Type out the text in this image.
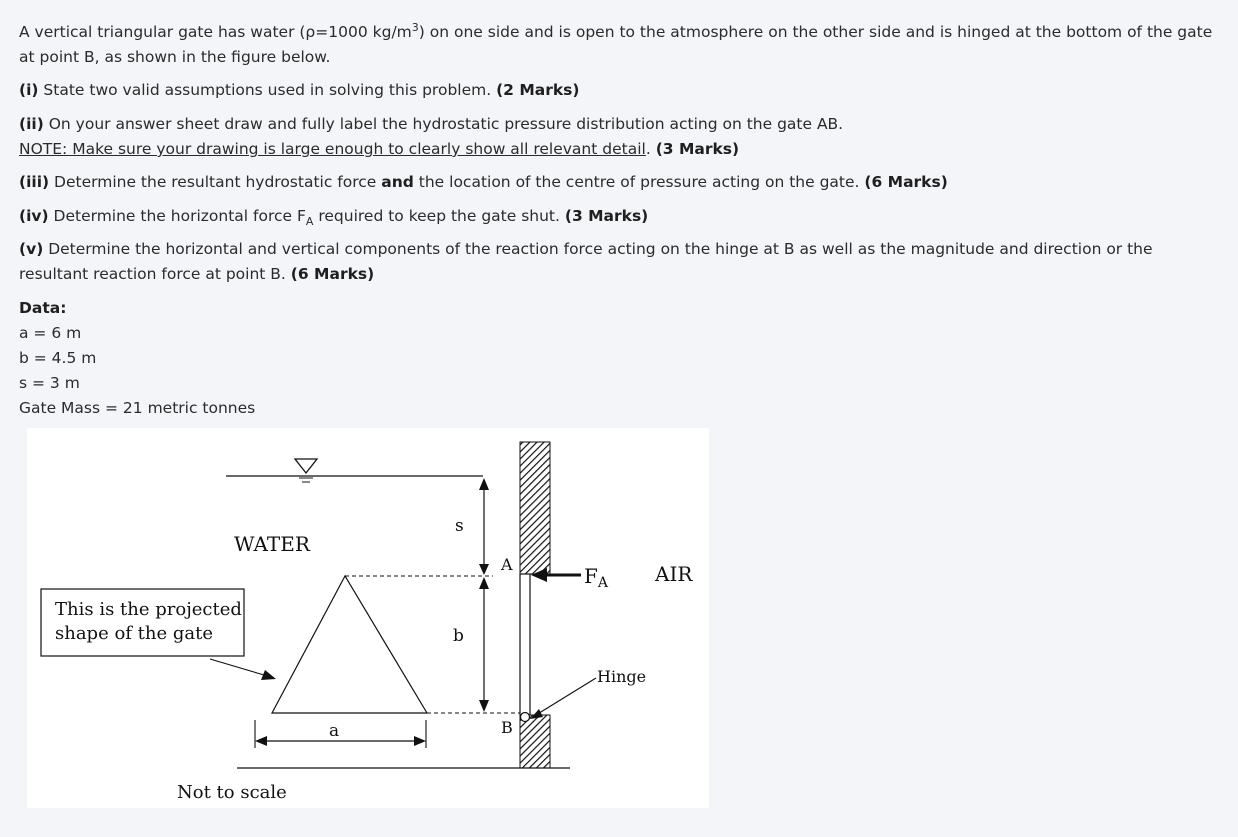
A vertical triangular gate has water (ρ=1000 $kg/m^3$) on one side and is open to the atmosphere on the other side and is hinged at the bottom of the gate at point B, as shown in the figure below.

(i) State two valid assumptions used in solving this problem. (2 Marks)

(ii) On your answer sheet draw and fully label the hydrostatic pressure distribution acting on the gate AB.
NOTE: Make sure your drawing is large enough to clearly show all relevant detail. (3 Marks)

(iii) Determine the resultant hydrostatic force and the location of the centre of pressure acting on the gate. (6 Marks)

(iv) Determine the horizontal force $F_A$ required to keep the gate shut. (3 Marks)

(v) Determine the horizontal and vertical components of the reaction force acting on the hinge at B as well as the magnitude and direction or the resultant reaction force at point B. (6 Marks)

Data:

a = 6 m

b = 4.5 m

s = 3 m

Gate Mass = 21 metric tonnes

s
b
a
WATER
AIR
A
B
$F_A$
Hinge
This is the projected
shape of the gate
Not to scale
